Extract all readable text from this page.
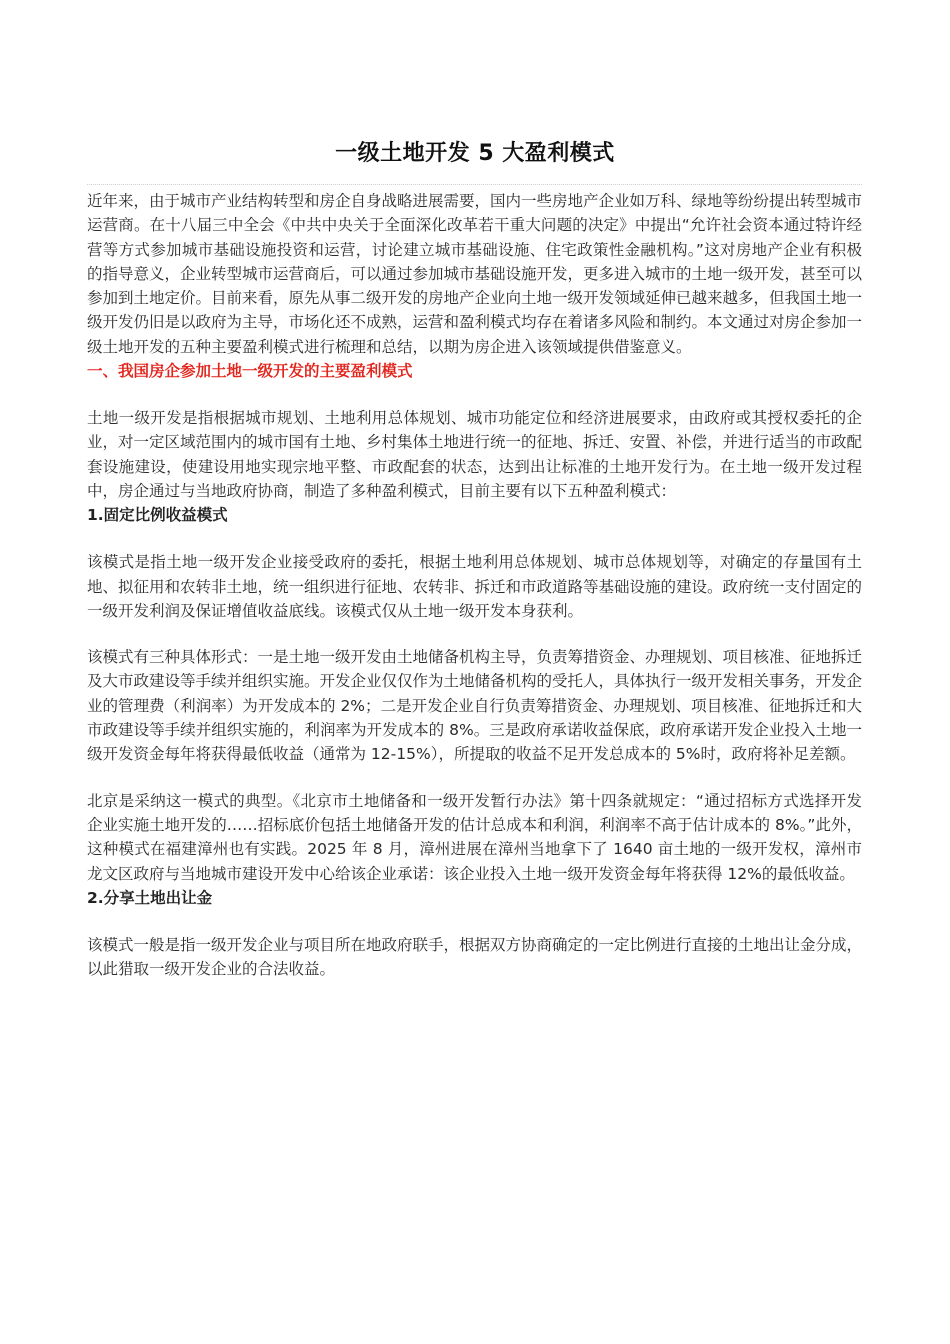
一级土地开发 5 大盈利模式

近年来，由于城市产业结构转型和房企自身战略进展需要，国内一些房地产企业如万科、绿地等纷纷提出转型城市运营商。在十八届三中全会《中共中央关于全面深化改革若干重大问题的决定》中提出“允许社会资本通过特许经营等方式参加城市基础设施投资和运营，讨论建立城市基础设施、住宅政策性金融机构。”这对房地产企业有积极的指导意义，企业转型城市运营商后，可以通过参加城市基础设施开发，更多进入城市的土地一级开发，甚至可以参加到土地定价。目前来看，原先从事二级开发的房地产企业向土地一级开发领域延伸已越来越多，但我国土地一级开发仍旧是以政府为主导，市场化还不成熟，运营和盈利模式均存在着诸多风险和制约。本文通过对房企参加一级土地开发的五种主要盈利模式进行梳理和总结，以期为房企进入该领域提供借鉴意义。

一、我国房企参加土地一级开发的主要盈利模式

土地一级开发是指根据城市规划、土地利用总体规划、城市功能定位和经济进展要求，由政府或其授权委托的企业，对一定区域范围内的城市国有土地、乡村集体土地进行统一的征地、拆迁、安置、补偿，并进行适当的市政配套设施建设，使建设用地实现宗地平整、市政配套的状态，达到出让标准的土地开发行为。在土地一级开发过程中，房企通过与当地政府协商，制造了多种盈利模式，目前主要有以下五种盈利模式：

1.固定比例收益模式

该模式是指土地一级开发企业接受政府的委托，根据土地利用总体规划、城市总体规划等，对确定的存量国有土地、拟征用和农转非土地，统一组织进行征地、农转非、拆迁和市政道路等基础设施的建设。政府统一支付固定的一级开发利润及保证增值收益底线。该模式仅从土地一级开发本身获利。

该模式有三种具体形式：一是土地一级开发由土地储备机构主导，负责筹措资金、办理规划、项目核准、征地拆迁及大市政建设等手续并组织实施。开发企业仅仅作为土地储备机构的受托人，具体执行一级开发相关事务，开发企业的管理费（利润率）为开发成本的 2%；二是开发企业自行负责筹措资金、办理规划、项目核准、征地拆迁和大市政建设等手续并组织实施的，利润率为开发成本的 8%。三是政府承诺收益保底，政府承诺开发企业投入土地一级开发资金每年将获得最低收益（通常为 12-15%），所提取的收益不足开发总成本的 5%时，政府将补足差额。

北京是采纳这一模式的典型。《北京市土地储备和一级开发暂行办法》第十四条就规定：“通过招标方式选择开发企业实施土地开发的……招标底价包括土地储备开发的估计总成本和利润，利润率不高于估计成本的 8%。”此外，这种模式在福建漳州也有实践。2025 年 8 月，漳州进展在漳州当地拿下了 1640 亩土地的一级开发权，漳州市龙文区政府与当地城市建设开发中心给该企业承诺：该企业投入土地一级开发资金每年将获得 12%的最低收益。

2.分享土地出让金

该模式一般是指一级开发企业与项目所在地政府联手，根据双方协商确定的一定比例进行直接的土地出让金分成，以此猎取一级开发企业的合法收益。
